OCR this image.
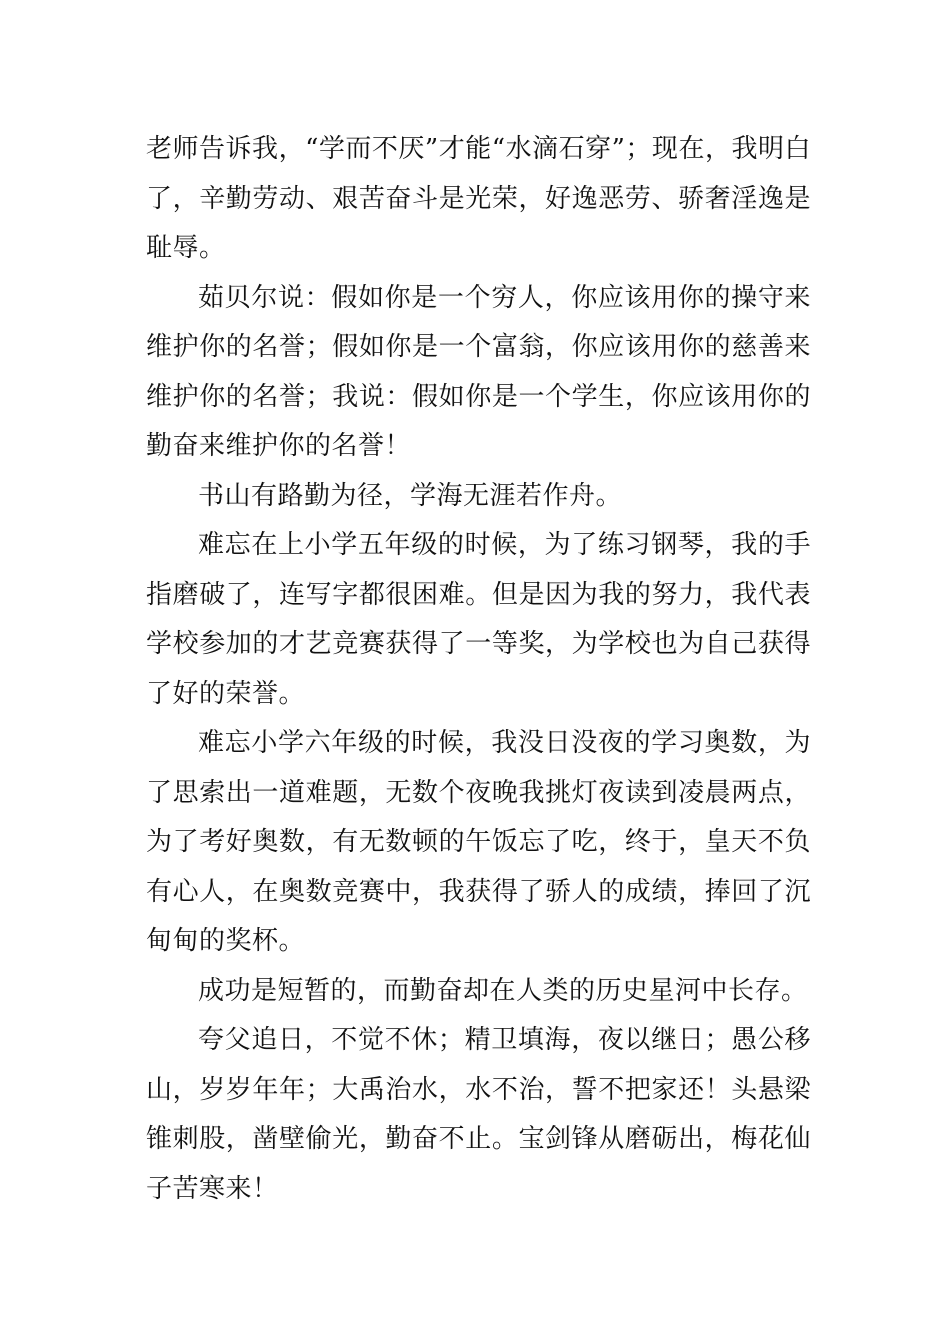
老师告诉我，“学而不厌”才能“水滴石穿”；现在，我明白了，辛勤劳动、艰苦奋斗是光荣，好逸恶劳、骄奢淫逸是耻辱。

茹贝尔说：假如你是一个穷人，你应该用你的操守来维护你的名誉；假如你是一个富翁，你应该用你的慈善来维护你的名誉；我说：假如你是一个学生，你应该用你的勤奋来维护你的名誉！

书山有路勤为径，学海无涯若作舟。

难忘在上小学五年级的时候，为了练习钢琴，我的手指磨破了，连写字都很困难。但是因为我的努力，我代表学校参加的才艺竞赛获得了一等奖，为学校也为自己获得了好的荣誉。

难忘小学六年级的时候，我没日没夜的学习奥数，为了思索出一道难题，无数个夜晚我挑灯夜读到凌晨两点，为了考好奥数，有无数顿的午饭忘了吃，终于，皇天不负有心人，在奥数竞赛中，我获得了骄人的成绩，捧回了沉甸甸的奖杯。

成功是短暂的，而勤奋却在人类的历史星河中长存。

夸父追日，不觉不休；精卫填海，夜以继日；愚公移山，岁岁年年；大禹治水，水不治，誓不把家还！头悬梁锥刺股，凿壁偷光，勤奋不止。宝剑锋从磨砺出，梅花仙子苦寒来！
